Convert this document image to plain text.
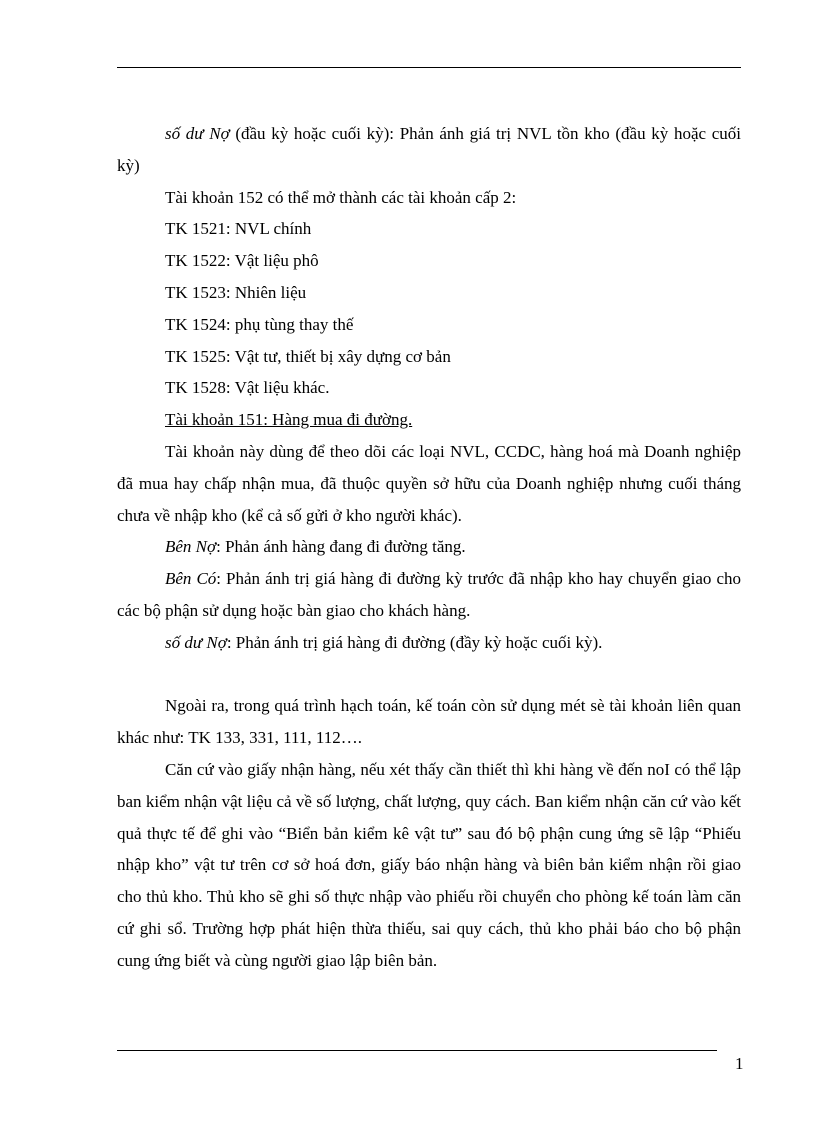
số dư Nợ (đầu kỳ hoặc cuối kỳ): Phản ánh giá trị NVL tồn kho (đầu kỳ hoặc cuối kỳ)

Tài khoản 152 có thể mở thành các tài khoản cấp 2:

TK 1521: NVL chính

TK 1522: Vật liệu phô

TK 1523: Nhiên liệu

TK 1524: phụ tùng thay thế

TK 1525: Vật tư, thiết bị xây dựng cơ bản

TK 1528: Vật liệu khác.

Tài khoản 151: Hàng mua đi đường.

Tài khoản này dùng để theo dõi các loại NVL, CCDC, hàng hoá mà Doanh nghiệp đã mua hay chấp nhận mua, đã thuộc quyền sở hữu của Doanh nghiệp nhưng cuối tháng chưa về nhập kho (kể cả số gửi ở kho người khác).

Bên Nợ: Phản ánh hàng đang đi đường tăng.

Bên Có: Phản ánh trị giá hàng đi đường kỳ trước đã nhập kho hay chuyển giao cho các bộ phận sử dụng hoặc bàn giao cho khách hàng.

số dư Nợ: Phản ánh trị giá hàng đi đường (đầy kỳ hoặc cuối kỳ).

Ngoài ra, trong quá trình hạch toán, kế toán còn sử dụng mét sè tài khoản liên quan khác như: TK 133, 331, 111, 112….

Căn cứ vào giấy nhận hàng, nếu xét thấy cần thiết thì khi hàng về đến noI có thể lập ban kiểm nhận vật liệu cả về số lượng, chất lượng, quy cách. Ban kiểm nhận căn cứ vào kết quả thực tế để ghi vào “Biển bản kiểm kê vật tư” sau đó bộ phận cung ứng sẽ lập “Phiếu nhập kho” vật tư trên cơ sở hoá đơn, giấy báo nhận hàng và biên bản kiểm nhận rồi giao cho thủ kho. Thủ kho sẽ ghi số thực nhập vào phiếu rồi chuyển cho phòng kế toán làm căn cứ ghi sổ. Trường hợp phát hiện thừa thiếu, sai quy cách, thủ kho phải báo cho bộ phận cung ứng biết và cùng người giao lập biên bản.

1
